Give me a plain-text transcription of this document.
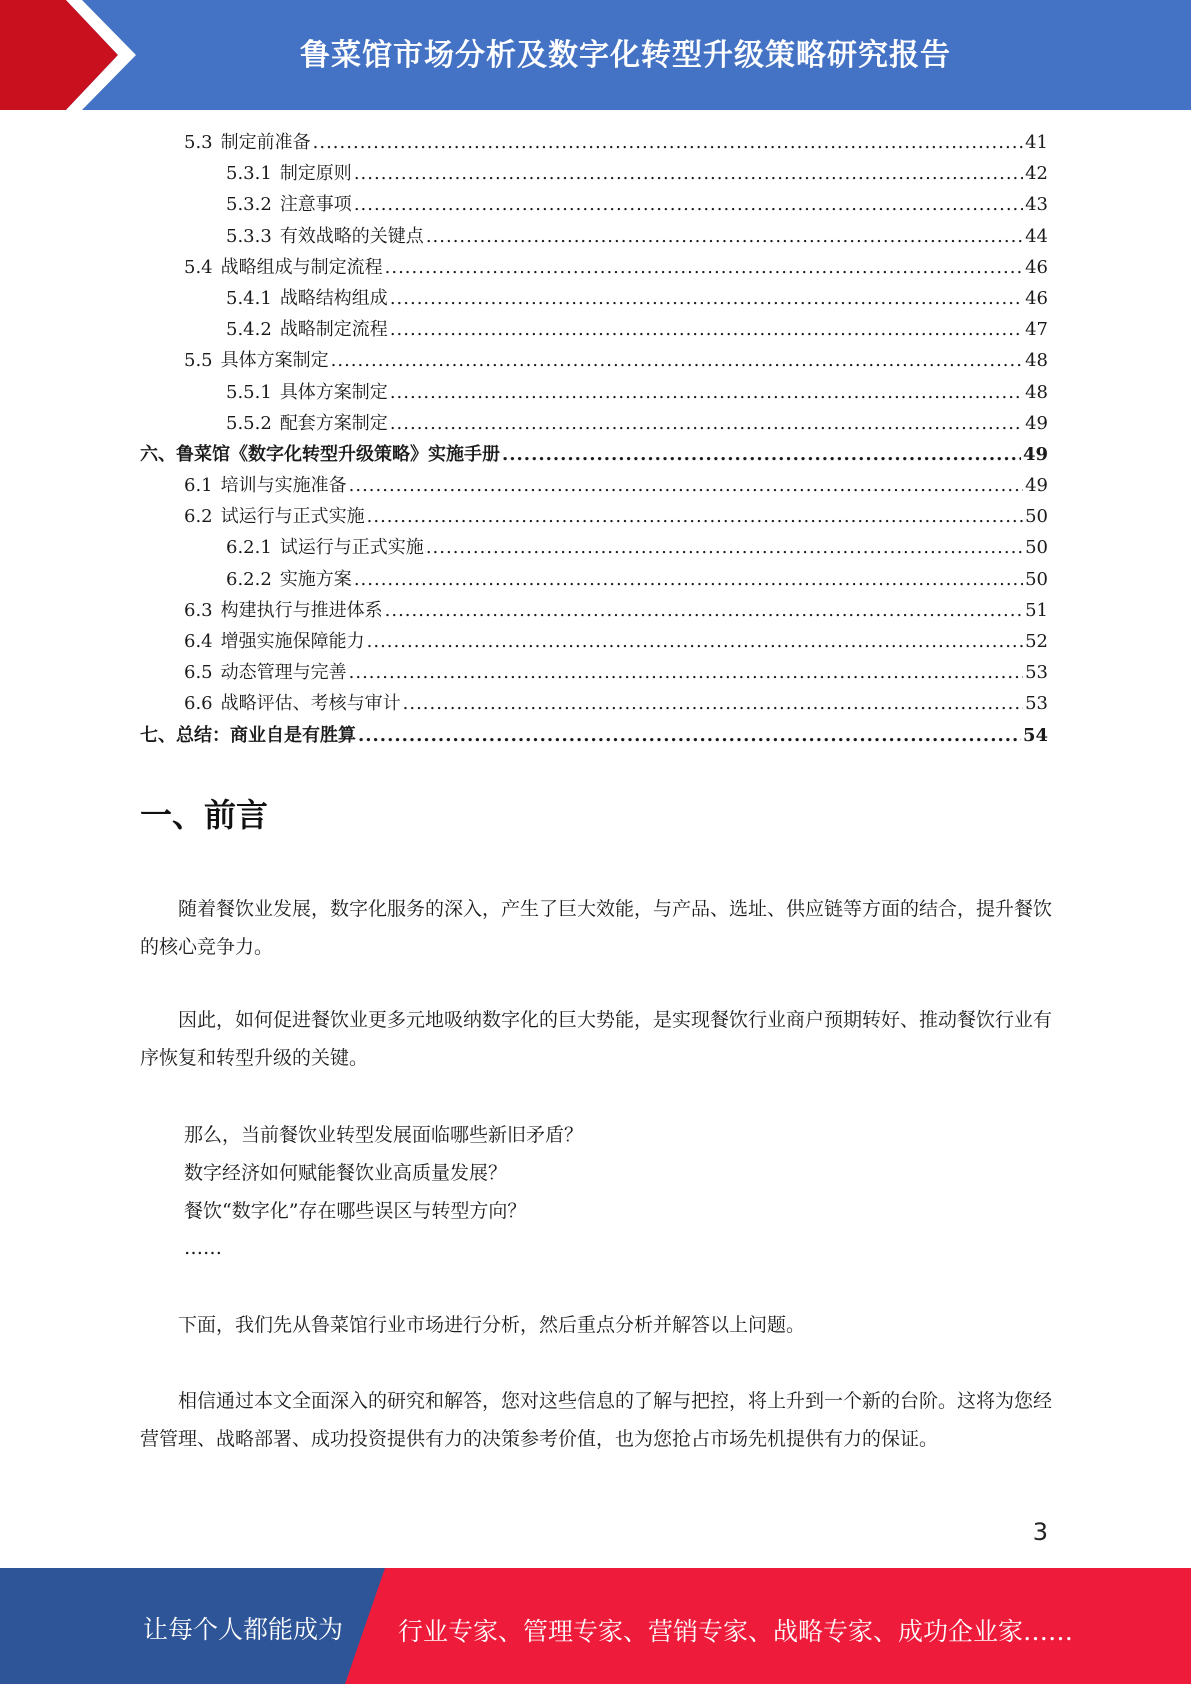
鲁菜馆市场分析及数字化转型升级策略研究报告
5.3 制定前准备 .....	41
5.3.1 制定原则 .....	42
5.3.2 注意事项 .....	43
5.3.3 有效战略的关键点 .....	44
5.4 战略组成与制定流程 .....	46
5.4.1 战略结构组成 .....	46
5.4.2 战略制定流程 .....	47
5.5 具体方案制定 .....	48
5.5.1 具体方案制定 .....	48
5.5.2 配套方案制定 .....	49
六、鲁菜馆《数字化转型升级策略》实施手册 .....	49
6.1 培训与实施准备 .....	49
6.2 试运行与正式实施 .....	50
6.2.1 试运行与正式实施 .....	50
6.2.2 实施方案 .....	50
6.3 构建执行与推进体系 .....	51
6.4 增强实施保障能力 .....	52
6.5 动态管理与完善 .....	53
6.6 战略评估、考核与审计 .....	53
七、总结：商业自是有胜算 .....	54
一、前言
随着餐饮业发展，数字化服务的深入，产生了巨大效能，与产品、选址、供应链等方面的结合，提升餐饮的核心竞争力。
因此，如何促进餐饮业更多元地吸纳数字化的巨大势能，是实现餐饮行业商户预期转好、推动餐饮行业有序恢复和转型升级的关键。
那么，当前餐饮业转型发展面临哪些新旧矛盾？
数字经济如何赋能餐饮业高质量发展？
餐饮“数字化”存在哪些误区与转型方向？
……
下面，我们先从鲁菜馆行业市场进行分析，然后重点分析并解答以上问题。
相信通过本文全面深入的研究和解答，您对这些信息的了解与把控，将上升到一个新的台阶。这将为您经营管理、战略部署、成功投资提供有力的决策参考价值，也为您抢占市场先机提供有力的保证。
3
让每个人都能成为 行业专家、管理专家、营销专家、战略专家、成功企业家……
